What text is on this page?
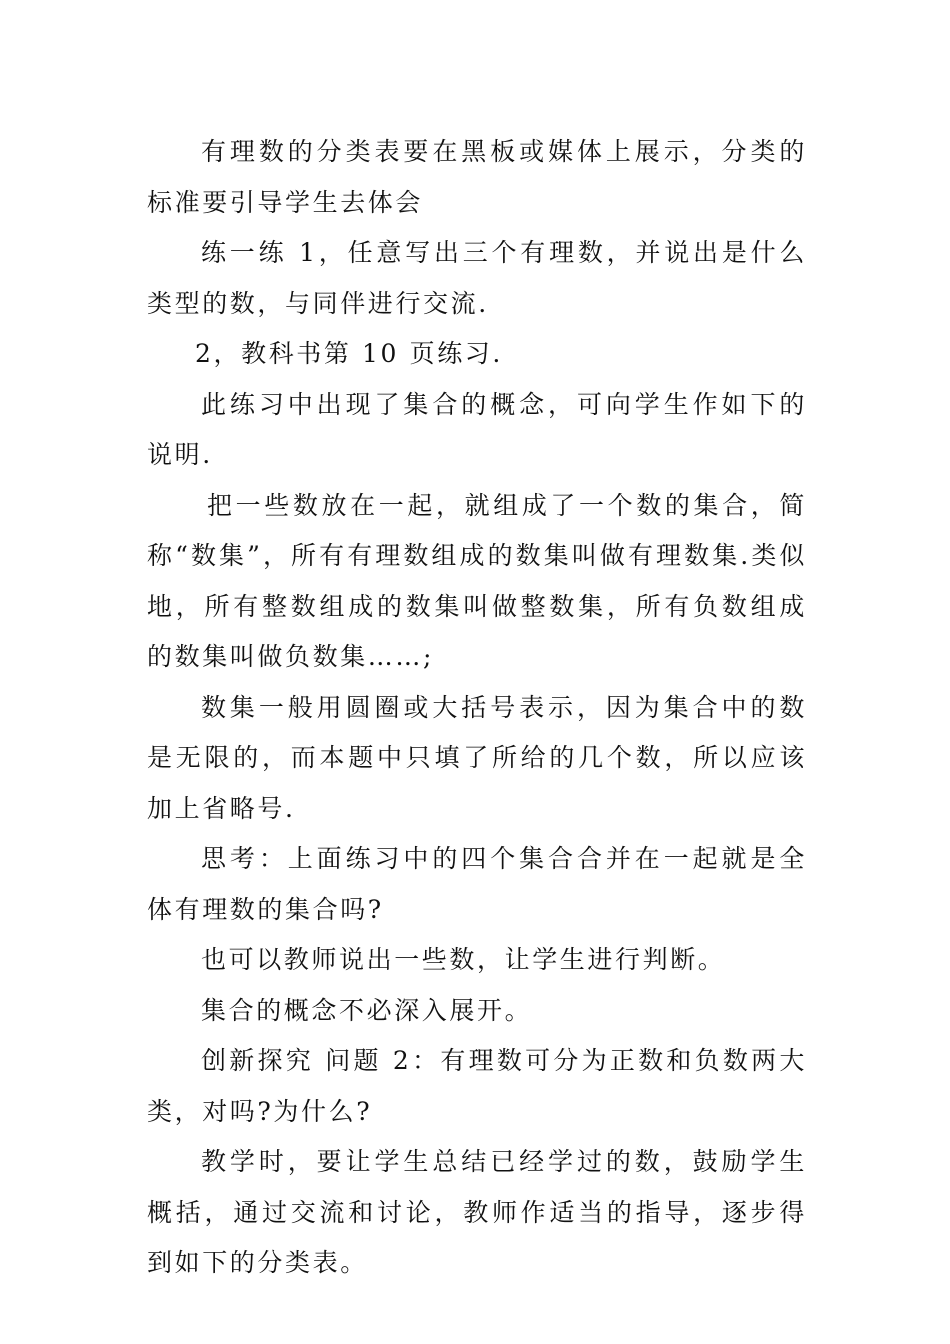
有理数的分类表要在黑板或媒体上展示，分类的标准要引导学生去体会

练一练 1，任意写出三个有理数，并说出是什么类型的数，与同伴进行交流.

2，教科书第 10 页练习.

此练习中出现了集合的概念，可向学生作如下的说明.

把一些数放在一起，就组成了一个数的集合，简称“数集”，所有有理数组成的数集叫做有理数集.类似地，所有整数组成的数集叫做整数集，所有负数组成的数集叫做负数集……;

数集一般用圆圈或大括号表示，因为集合中的数是无限的，而本题中只填了所给的几个数，所以应该加上省略号.

思考：上面练习中的四个集合合并在一起就是全体有理数的集合吗?

也可以教师说出一些数，让学生进行判断。

集合的概念不必深入展开。

创新探究 问题 2：有理数可分为正数和负数两大类，对吗?为什么?

教学时，要让学生总结已经学过的数，鼓励学生概括，通过交流和讨论，教师作适当的指导，逐步得到如下的分类表。
